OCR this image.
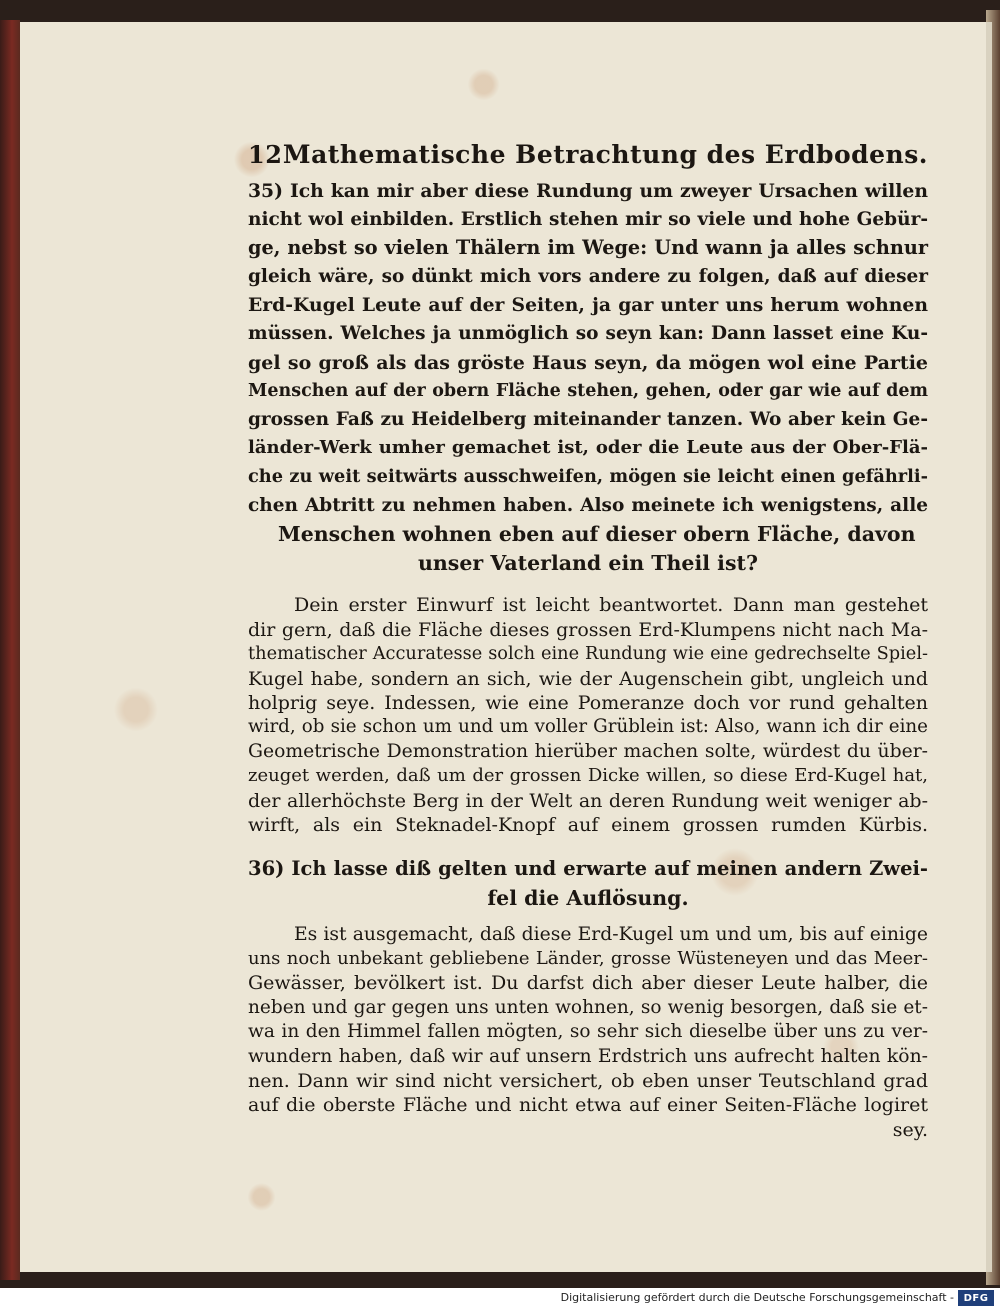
12 Mathematische Betrachtung des Erdbodens.
35) Ich kan mir aber diese Rundung um zweyer Ursachen willen
nicht wol einbilden. Erstlich stehen mir so viele und hohe Gebür-
ge, nebst so vielen Thälern im Wege: Und wann ja alles schnur
gleich wäre, so dünkt mich vors andere zu folgen, daß auf dieser
Erd-Kugel Leute auf der Seiten, ja gar unter uns herum wohnen
müssen. Welches ja unmöglich so seyn kan: Dann lasset eine Ku-
gel so groß als das gröste Haus seyn, da mögen wol eine Partie
Menschen auf der obern Fläche stehen, gehen, oder gar wie auf dem
grossen Faß zu Heidelberg miteinander tanzen. Wo aber kein Ge-
länder-Werk umher gemachet ist, oder die Leute aus der Ober-Flä-
che zu weit seitwärts ausschweifen, mögen sie leicht einen gefährli-
chen Abtritt zu nehmen haben. Also meinete ich wenigstens, alle
Menschen wohnen eben auf dieser obern Fläche, davon
unser Vaterland ein Theil ist?
Dein erster Einwurf ist leicht beantwortet. Dann man gestehet
dir gern, daß die Fläche dieses grossen Erd-Klumpens nicht nach Ma-
thematischer Accuratesse solch eine Rundung wie eine gedrechselte Spiel-
Kugel habe, sondern an sich, wie der Augenschein gibt, ungleich und
holprig seye. Indessen, wie eine Pomeranze doch vor rund gehalten
wird, ob sie schon um und um voller Grüblein ist: Also, wann ich dir eine
Geometrische Demonstration hierüber machen solte, würdest du über-
zeuget werden, daß um der grossen Dicke willen, so diese Erd-Kugel hat,
der allerhöchste Berg in der Welt an deren Rundung weit weniger ab-
wirft, als ein Steknadel-Knopf auf einem grossen rumden Kürbis.
36) Ich lasse diß gelten und erwarte auf meinen andern Zwei-
fel die Auflösung.
Es ist ausgemacht, daß diese Erd-Kugel um und um, bis auf einige
uns noch unbekant gebliebene Länder, grosse Wüsteneyen und das Meer-
Gewässer, bevölkert ist. Du darfst dich aber dieser Leute halber, die
neben und gar gegen uns unten wohnen, so wenig besorgen, daß sie et-
wa in den Himmel fallen mögten, so sehr sich dieselbe über uns zu ver-
wundern haben, daß wir auf unsern Erdstrich uns aufrecht halten kön-
nen. Dann wir sind nicht versichert, ob eben unser Teutschland grad
auf die oberste Fläche und nicht etwa auf einer Seiten-Fläche logiret
sey.
Digitalisierung gefördert durch die Deutsche Forschungsgemeinschaft - DFG
